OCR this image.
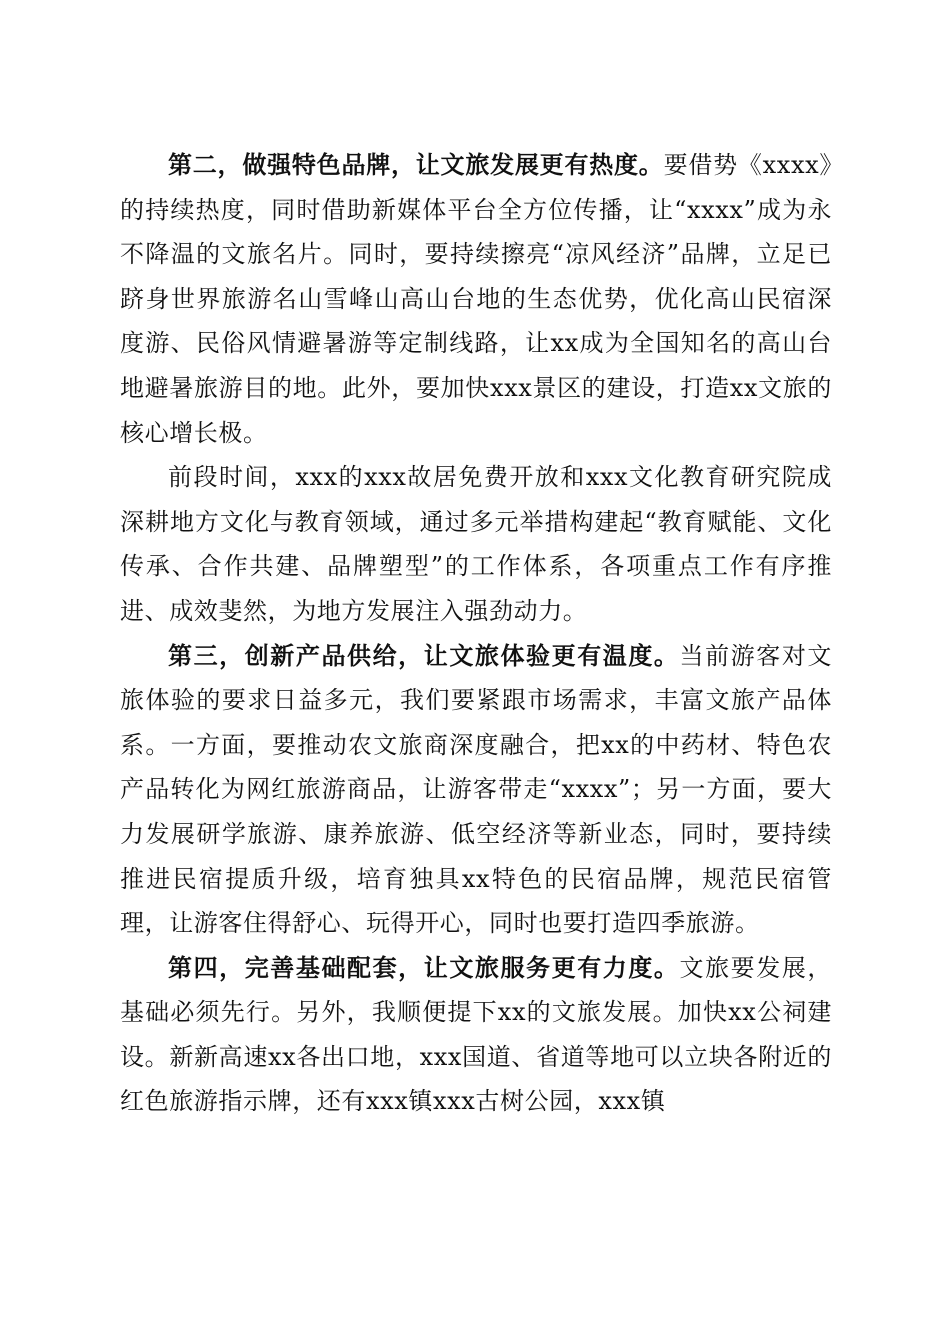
第二，做强特色品牌，让文旅发展更有热度。要借势《xxxx》的持续热度，同时借助新媒体平台全方位传播，让“xxxx”成为永不降温的文旅名片。同时，要持续擦亮“凉风经济”品牌，立足已跻身世界旅游名山雪峰山高山台地的生态优势，优化高山民宿深度游、民俗风情避暑游等定制线路，让xx成为全国知名的高山台地避暑旅游目的地。此外，要加快xxx景区的建设，打造xx文旅的核心增长极。

前段时间，xxx的xxx故居免费开放和xxx文化教育研究院成深耕地方文化与教育领域，通过多元举措构建起“教育赋能、文化传承、合作共建、品牌塑型”的工作体系，各项重点工作有序推进、成效斐然，为地方发展注入强劲动力。

第三，创新产品供给，让文旅体验更有温度。当前游客对文旅体验的要求日益多元，我们要紧跟市场需求，丰富文旅产品体系。一方面，要推动农文旅商深度融合，把xx的中药材、特色农产品转化为网红旅游商品，让游客带走“xxxx”；另一方面，要大力发展研学旅游、康养旅游、低空经济等新业态，同时，要持续推进民宿提质升级，培育独具xx特色的民宿品牌，规范民宿管理，让游客住得舒心、玩得开心，同时也要打造四季旅游。

第四，完善基础配套，让文旅服务更有力度。文旅要发展，基础必须先行。另外，我顺便提下xx的文旅发展。加快xx公祠建设。新新高速xx各出口地，xxx国道、省道等地可以立块各附近的红色旅游指示牌，还有xxx镇xxx古树公园，xxx镇
